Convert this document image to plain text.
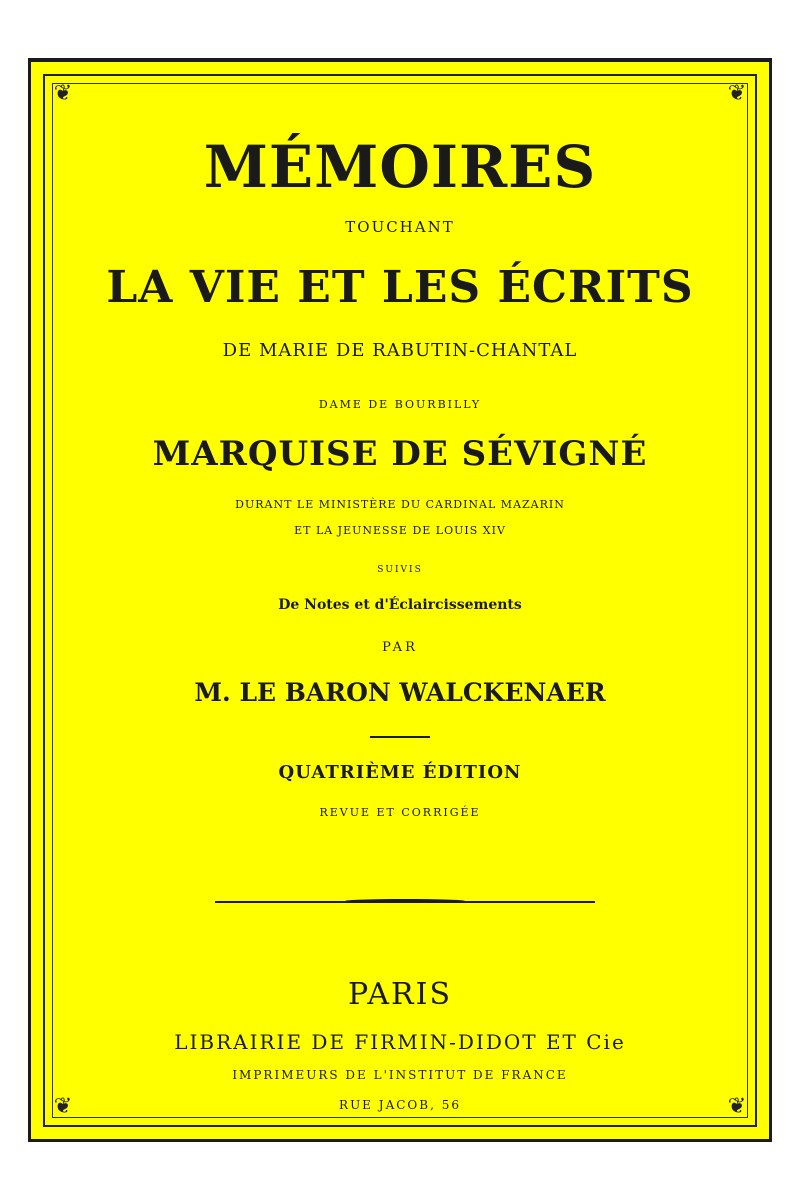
❦	❦
❦	❦
MÉMOIRES
TOUCHANT
LA VIE ET LES ÉCRITS
DE MARIE DE RABUTIN-CHANTAL
DAME DE BOURBILLY
MARQUISE DE SÉVIGNÉ
DURANT LE MINISTÈRE DU CARDINAL MAZARIN
ET LA JEUNESSE DE LOUIS XIV
SUIVIS
De Notes et d'Éclaircissements
PAR
M. LE BARON WALCKENAER
QUATRIÈME ÉDITION
REVUE ET CORRIGÉE
PARIS
LIBRAIRIE DE FIRMIN-DIDOT ET Cie
IMPRIMEURS DE L'INSTITUT DE FRANCE
RUE JACOB, 56
